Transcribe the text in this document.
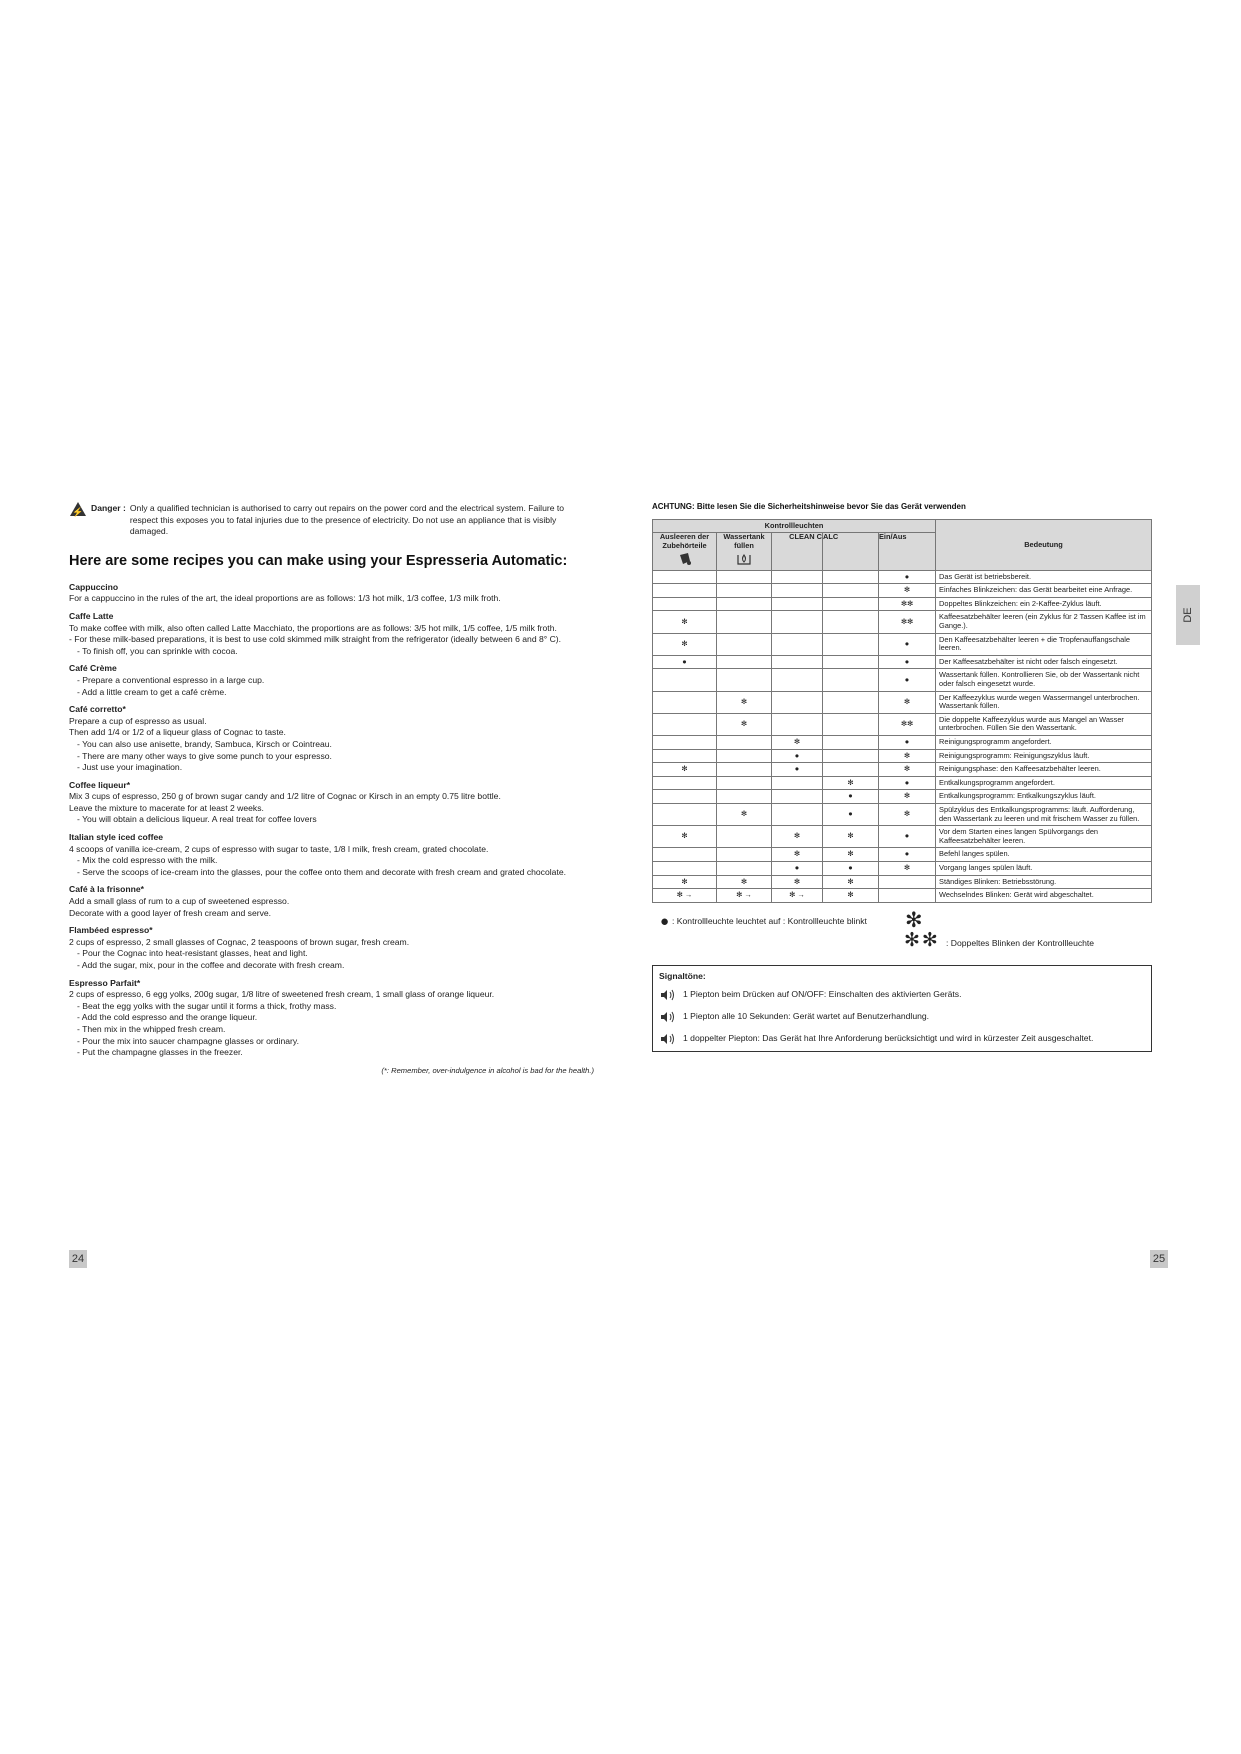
⚡ Danger : Only a qualified technician is authorised to carry out repairs on the power cord and the electrical system. Failure to respect this exposes you to fatal injuries due to the presence of electricity. Do not use an appliance that is visibly damaged.
Here are some recipes you can make using your Espresseria Automatic:

Cappuccino

For a cappuccino in the rules of the art, the ideal proportions are as follows: 1/3 hot milk, 1/3 coffee, 1/3 milk froth.

Caffe Latte

To make coffee with milk, also often called Latte Macchiato, the proportions are as follows: 3/5 hot milk, 1/5 coffee, 1/5 milk froth.

- For these milk-based preparations, it is best to use cold skimmed milk straight from the refrigerator (ideally between 6 and 8° C).

- To finish off, you can sprinkle with cocoa.

Café Crème

- Prepare a conventional espresso in a large cup.

- Add a little cream to get a café crème.

Café corretto*

Prepare a cup of espresso as usual.

Then add 1/4 or 1/2 of a liqueur glass of Cognac to taste.

- You can also use anisette, brandy, Sambuca, Kirsch or Cointreau.

- There are many other ways to give some punch to your espresso.

- Just use your imagination.

Coffee liqueur*

Mix 3 cups of espresso, 250 g of brown sugar candy and 1/2 litre of Cognac or Kirsch in an empty 0.75 litre bottle.

Leave the mixture to macerate for at least 2 weeks.

- You will obtain a delicious liqueur. A real treat for coffee lovers

Italian style iced coffee

4 scoops of vanilla ice-cream, 2 cups of espresso with sugar to taste, 1/8 l milk, fresh cream, grated chocolate.

- Mix the cold espresso with the milk.

- Serve the scoops of ice-cream into the glasses, pour the coffee onto them and decorate with fresh cream and grated chocolate.

Café à la frisonne*

Add a small glass of rum to a cup of sweetened espresso.

Decorate with a good layer of fresh cream and serve.

Flambéed espresso*

2 cups of espresso, 2 small glasses of Cognac, 2 teaspoons of brown sugar, fresh cream.

- Pour the Cognac into heat-resistant glasses, heat and light.

- Add the sugar, mix, pour in the coffee and decorate with fresh cream.

Espresso Parfait*

2 cups of espresso, 6 egg yolks, 200g sugar, 1/8 litre of sweetened fresh cream, 1 small glass of orange liqueur.

- Beat the egg yolks with the sugar until it forms a thick, frothy mass.

- Add the cold espresso and the orange liqueur.

- Then mix in the whipped fresh cream.

- Pour the mix into saucer champagne glasses or ordinary.

- Put the champagne glasses in the freezer.

(*: Remember, over-indulgence in alcohol is bad for the health.)
24
ACHTUNG: Bitte lesen Sie die Sicherheitshinweise bevor Sie das Gerät verwenden
Kontrollleuchten					Bedeutung
Ausleeren der Zubehörteile	Wassertank füllen	CLEAN C	ALC	Ein/Aus	

				●	Das Gerät ist betriebsbereit.
				✻	Einfaches Blinkzeichen: das Gerät bearbeitet eine Anfrage.
				✻✻	Doppeltes Blinkzeichen: ein 2-Kaffee-Zyklus läuft.
✻				✻✻	Kaffeesatzbehälter leeren (ein Zyklus für 2 Tassen Kaffee ist im Gange.).
✻				●	Den Kaffeesatzbehälter leeren + die Tropfenauffangschale leeren.
●				●	Der Kaffeesatzbehälter ist nicht oder falsch eingesetzt.
				●	Wassertank füllen. Kontrollieren Sie, ob der Wassertank nicht oder falsch eingesetzt wurde.
	✻			✻	Der Kaffeezyklus wurde wegen Wassermangel unterbrochen. Wassertank füllen.
	✻			✻✻	Die doppelte Kaffeezyklus wurde aus Mangel an Wasser unterbrochen. Füllen Sie den Wassertank.
		✻		●	Reinigungsprogramm angefordert.
		●		✻	Reinigungsprogramm: Reinigungszyklus läuft.
✻		●		✻	Reinigungsphase: den Kaffeesatzbehälter leeren.
			✻	●	Entkalkungsprogramm angefordert.
			●	✻	Entkalkungsprogramm: Entkalkungszyklus läuft.
	✻		●	✻	Spülzyklus des Entkalkungsprogramms: läuft. Aufforderung, den Wassertank zu leeren und mit frischem Wasser zu füllen.
✻		✻	✻	●	Vor dem Starten eines langen Spülvorgangs den Kaffeesatzbehälter leeren.
		✻	✻	●	Befehl langes spülen.
		●	●	✻	Vorgang langes spülen läuft.
✻	✻	✻	✻		Ständiges Blinken: Betriebsstörung.
✻ →	✻ →	✻ →	✻		Wechselndes Blinken: Gerät wird abgeschaltet.
● : Kontrollleuchte leuchtet auf : Kontrollleuchte blinkt ✻
✻✻ : Doppeltes Blinken der Kontrollleuchte
Signaltöne:
1 Piepton beim Drücken auf ON/OFF: Einschalten des aktivierten Geräts.
1 Piepton alle 10 Sekunden: Gerät wartet auf Benutzerhandlung.
1 doppelter Piepton: Das Gerät hat Ihre Anforderung berücksichtigt und wird in kürzester Zeit ausgeschaltet.
25
DE
